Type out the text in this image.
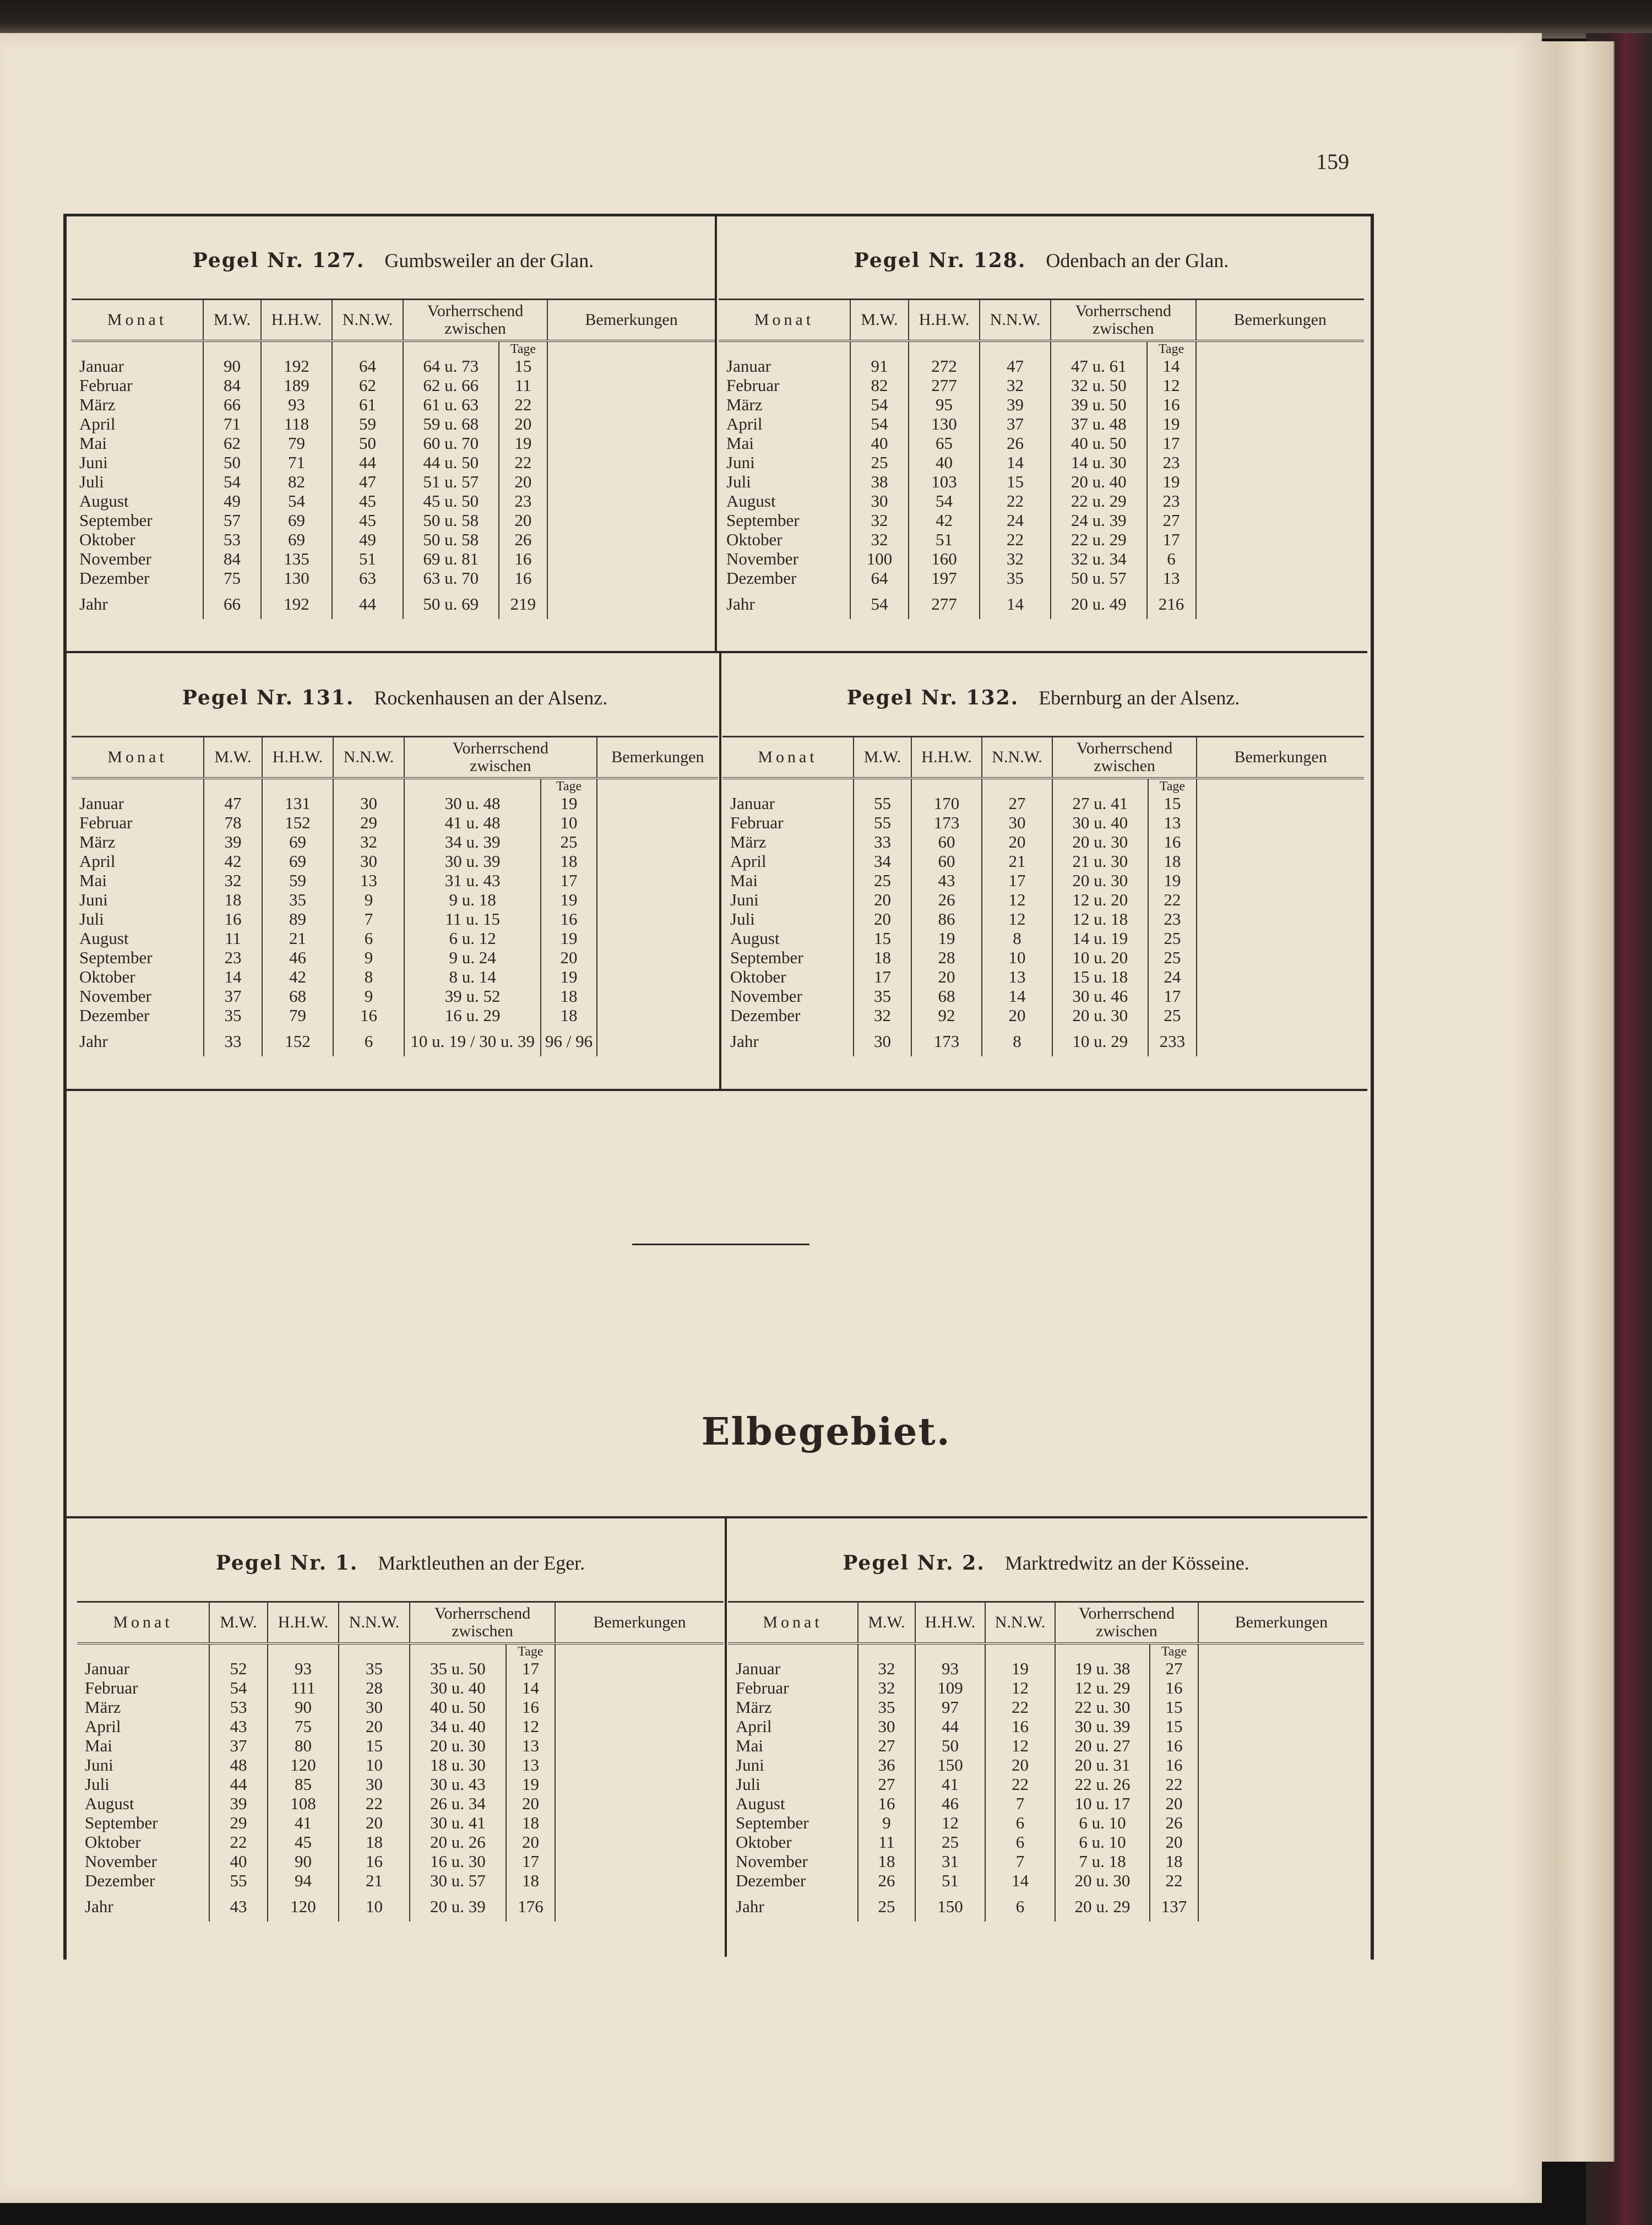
159
Elbegebiet.
Pegel Nr. 127.  Gumbsweiler an der Glan.
Monat	M.W.	H.H.W.	N.N.W.	Vorherrschend
zwischen		Bemerkungen
					Tage	
Januar	90	192	64	64 u. 73	15	
Februar	84	189	62	62 u. 66	11	
März	66	93	61	61 u. 63	22	
April	71	118	59	59 u. 68	20	
Mai	62	79	50	60 u. 70	19	
Juni	50	71	44	44 u. 50	22	
Juli	54	82	47	51 u. 57	20	
August	49	54	45	45 u. 50	23	
September	57	69	45	50 u. 58	20	
Oktober	53	69	49	50 u. 58	26	
November	84	135	51	69 u. 81	16	
Dezember	75	130	63	63 u. 70	16	
Jahr	66	192	44	50 u. 69	219	
Pegel Nr. 128.  Odenbach an der Glan.
Monat	M.W.	H.H.W.	N.N.W.	Vorherrschend
zwischen		Bemerkungen
					Tage	
Januar	91	272	47	47 u. 61	14	
Februar	82	277	32	32 u. 50	12	
März	54	95	39	39 u. 50	16	
April	54	130	37	37 u. 48	19	
Mai	40	65	26	40 u. 50	17	
Juni	25	40	14	14 u. 30	23	
Juli	38	103	15	20 u. 40	19	
August	30	54	22	22 u. 29	23	
September	32	42	24	24 u. 39	27	
Oktober	32	51	22	22 u. 29	17	
November	100	160	32	32 u. 34	6	
Dezember	64	197	35	50 u. 57	13	
Jahr	54	277	14	20 u. 49	216	
Pegel Nr. 131.  Rockenhausen an der Alsenz.
Monat	M.W.	H.H.W.	N.N.W.	Vorherrschend
zwischen		Bemerkungen
					Tage	
Januar	47	131	30	30 u. 48	19	
Februar	78	152	29	41 u. 48	10	
März	39	69	32	34 u. 39	25	
April	42	69	30	30 u. 39	18	
Mai	32	59	13	31 u. 43	17	
Juni	18	35	9	9 u. 18	19	
Juli	16	89	7	11 u. 15	16	
August	11	21	6	6 u. 12	19	
September	23	46	9	9 u. 24	20	
Oktober	14	42	8	8 u. 14	19	
November	37	68	9	39 u. 52	18	
Dezember	35	79	16	16 u. 29	18	
Jahr	33	152	6	10 u. 19 / 30 u. 39	96 / 96	
Pegel Nr. 132.  Ebernburg an der Alsenz.
Monat	M.W.	H.H.W.	N.N.W.	Vorherrschend
zwischen		Bemerkungen
					Tage	
Januar	55	170	27	27 u. 41	15	
Februar	55	173	30	30 u. 40	13	
März	33	60	20	20 u. 30	16	
April	34	60	21	21 u. 30	18	
Mai	25	43	17	20 u. 30	19	
Juni	20	26	12	12 u. 20	22	
Juli	20	86	12	12 u. 18	23	
August	15	19	8	14 u. 19	25	
September	18	28	10	10 u. 20	25	
Oktober	17	20	13	15 u. 18	24	
November	35	68	14	30 u. 46	17	
Dezember	32	92	20	20 u. 30	25	
Jahr	30	173	8	10 u. 29	233	
Pegel Nr. 1.  Marktleuthen an der Eger.
Monat	M.W.	H.H.W.	N.N.W.	Vorherrschend
zwischen		Bemerkungen
					Tage	
Januar	52	93	35	35 u. 50	17	
Februar	54	111	28	30 u. 40	14	
März	53	90	30	40 u. 50	16	
April	43	75	20	34 u. 40	12	
Mai	37	80	15	20 u. 30	13	
Juni	48	120	10	18 u. 30	13	
Juli	44	85	30	30 u. 43	19	
August	39	108	22	26 u. 34	20	
September	29	41	20	30 u. 41	18	
Oktober	22	45	18	20 u. 26	20	
November	40	90	16	16 u. 30	17	
Dezember	55	94	21	30 u. 57	18	
Jahr	43	120	10	20 u. 39	176	
Pegel Nr. 2.  Marktredwitz an der Kösseine.
Monat	M.W.	H.H.W.	N.N.W.	Vorherrschend
zwischen		Bemerkungen
					Tage	
Januar	32	93	19	19 u. 38	27	
Februar	32	109	12	12 u. 29	16	
März	35	97	22	22 u. 30	15	
April	30	44	16	30 u. 39	15	
Mai	27	50	12	20 u. 27	16	
Juni	36	150	20	20 u. 31	16	
Juli	27	41	22	22 u. 26	22	
August	16	46	7	10 u. 17	20	
September	9	12	6	6 u. 10	26	
Oktober	11	25	6	6 u. 10	20	
November	18	31	7	7 u. 18	18	
Dezember	26	51	14	20 u. 30	22	
Jahr	25	150	6	20 u. 29	137	
